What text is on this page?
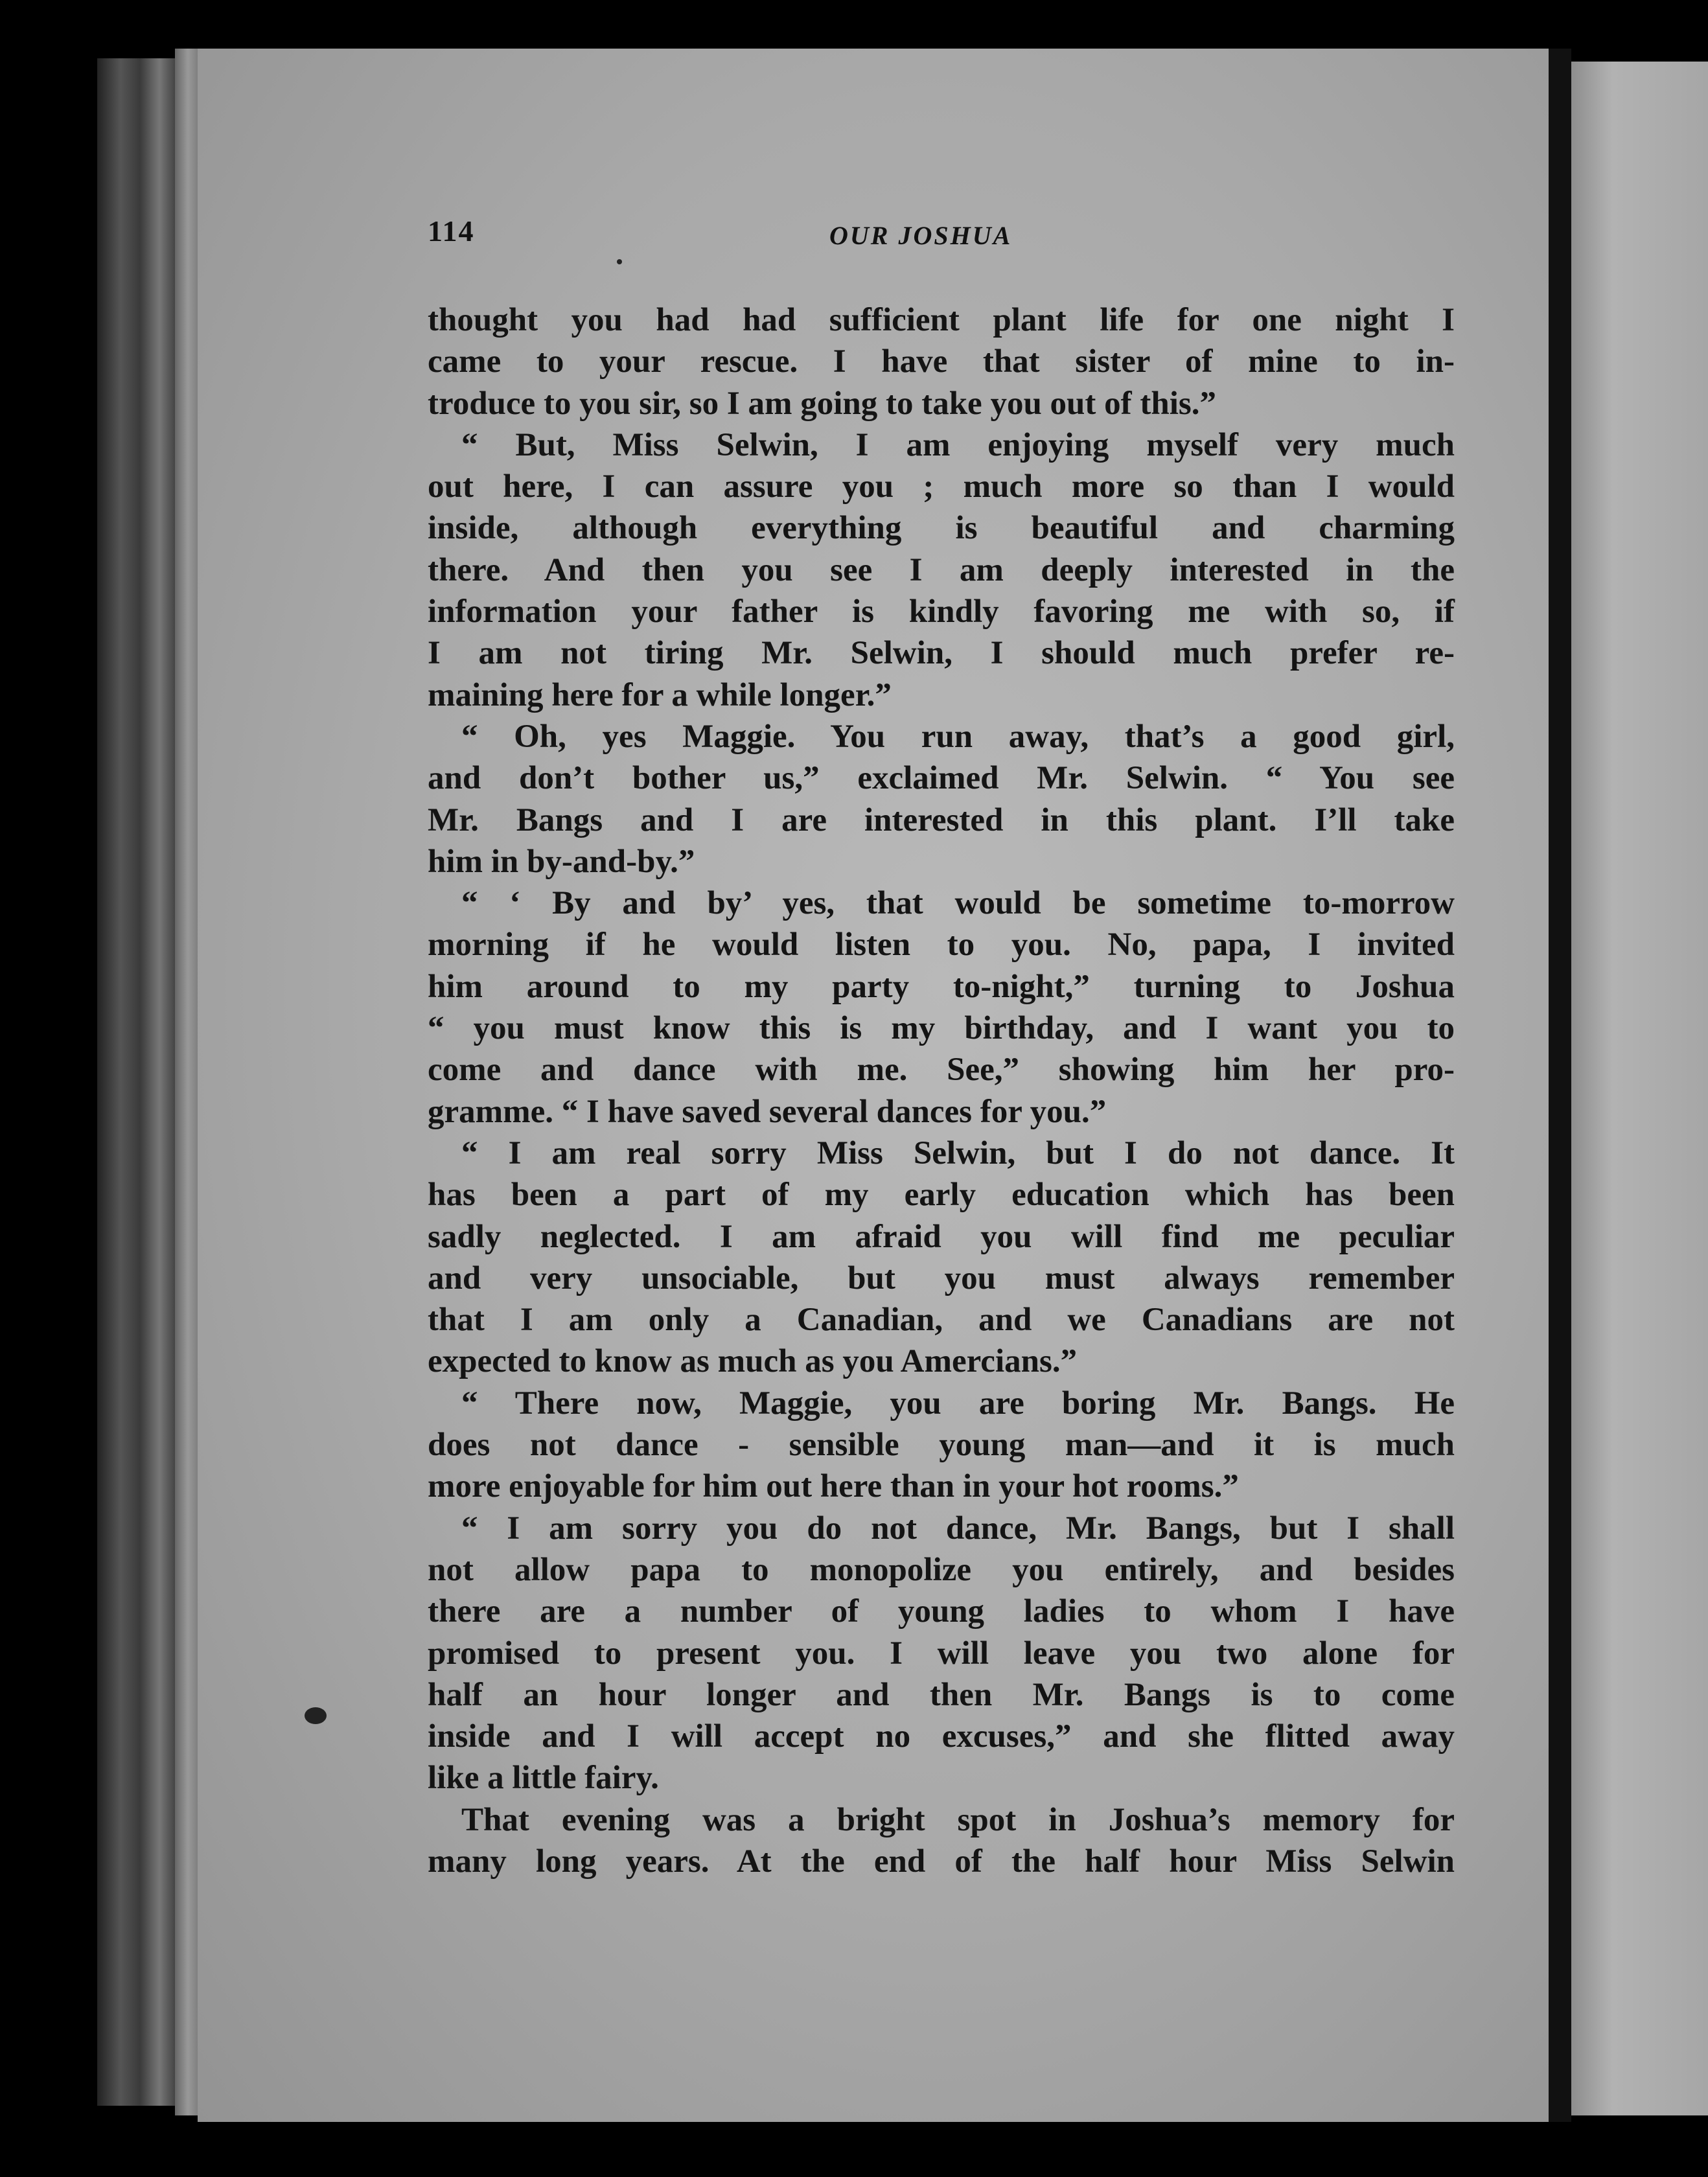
114	OUR JOSHUA
thought you had had sufficient plant life for one night I
came to your rescue. I have that sister of mine to in-
troduce to you sir, so I am going to take you out of this.”
“ But, Miss Selwin, I am enjoying myself very much
out here, I can assure you ; much more so than I would
inside, although everything is beautiful and charming
there. And then you see I am deeply interested in the
information your father is kindly favoring me with so, if
I am not tiring Mr. Selwin, I should much prefer re-
maining here for a while longer.”
“ Oh, yes Maggie. You run away, that’s a good girl,
and don’t bother us,” exclaimed Mr. Selwin. “ You see
Mr. Bangs and I are interested in this plant. I’ll take
him in by-and-by.”
“ ‘ By and by’ yes, that would be sometime to-morrow
morning if he would listen to you. No, papa, I invited
him around to my party to-night,” turning to Joshua
“ you must know this is my birthday, and I want you to
come and dance with me. See,” showing him her pro-
gramme. “ I have saved several dances for you.”
“ I am real sorry Miss Selwin, but I do not dance. It
has been a part of my early education which has been
sadly neglected. I am afraid you will find me peculiar
and very unsociable, but you must always remember
that I am only a Canadian, and we Canadians are not
expected to know as much as you Amercians.”
“ There now, Maggie, you are boring Mr. Bangs. He
does not dance - sensible young man—and it is much
more enjoyable for him out here than in your hot rooms.”
“ I am sorry you do not dance, Mr. Bangs, but I shall
not allow papa to monopolize you entirely, and besides
there are a number of young ladies to whom I have
promised to present you. I will leave you two alone for
half an hour longer and then Mr. Bangs is to come
inside and I will accept no excuses,” and she flitted away
like a little fairy.
That evening was a bright spot in Joshua’s memory for
many long years. At the end of the half hour Miss Selwin
